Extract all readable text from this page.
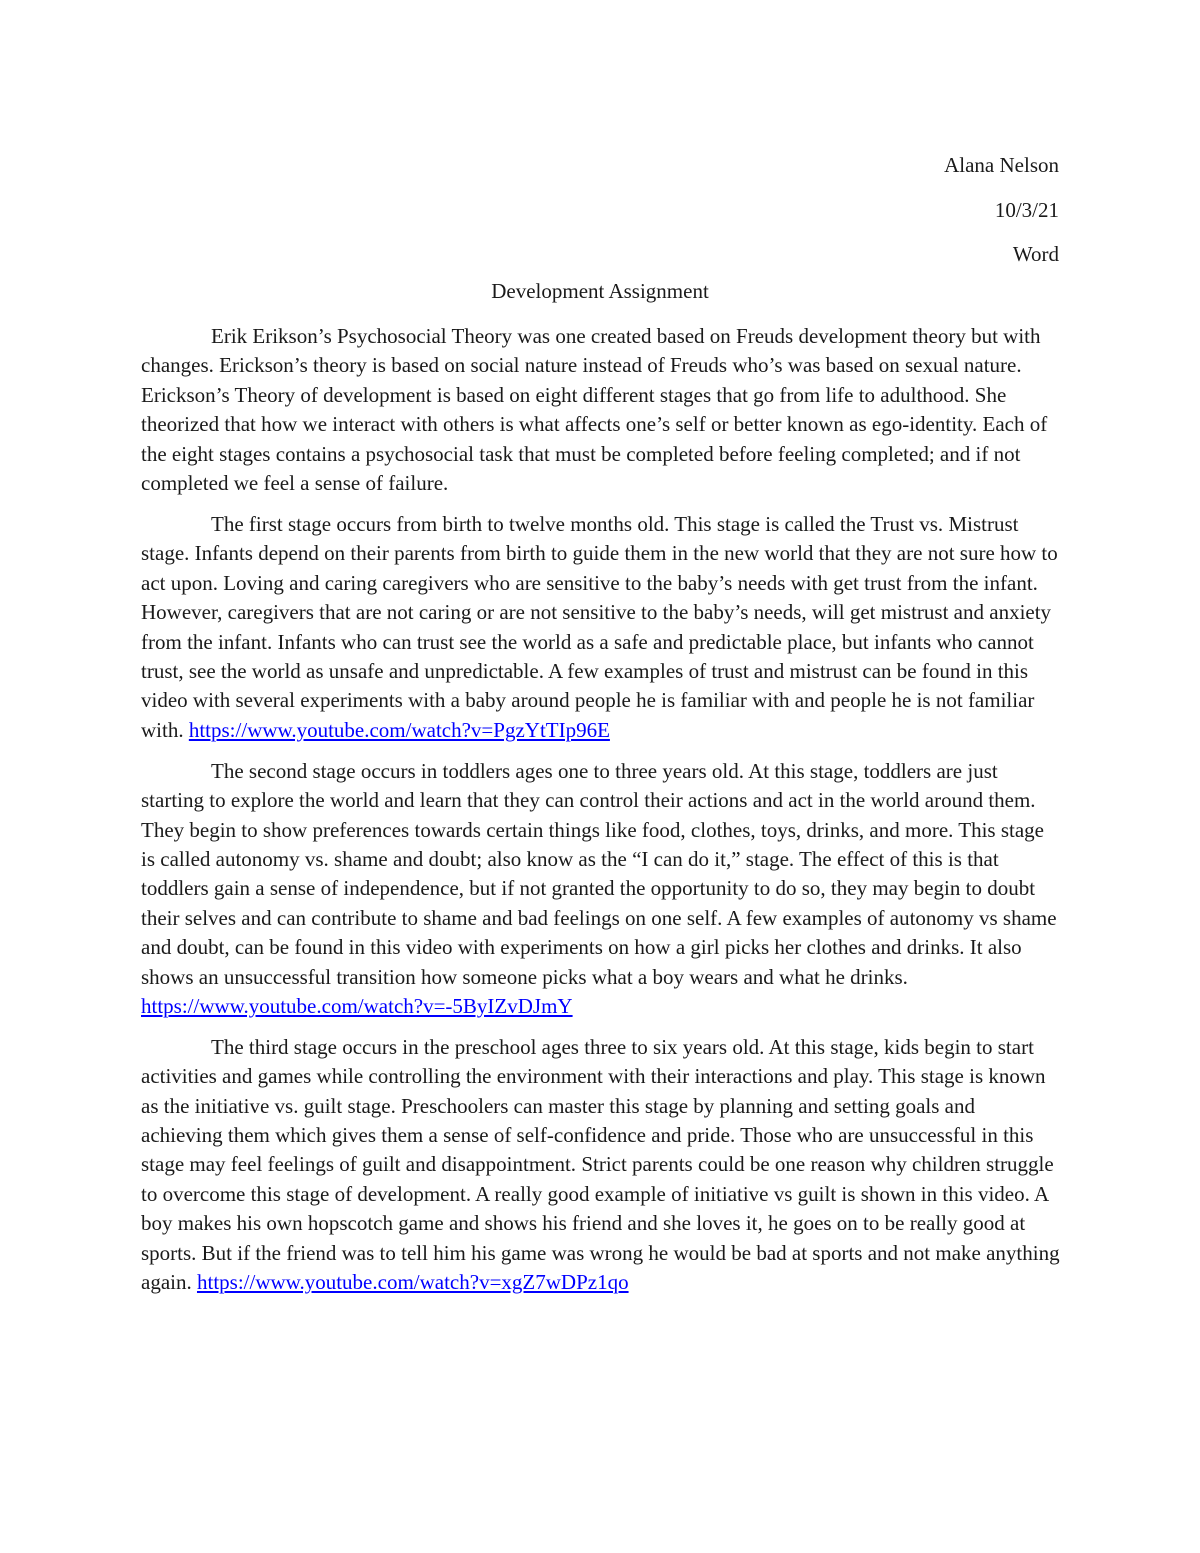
Alana Nelson
10/3/21
Word
Development Assignment

Erik Erikson’s Psychosocial Theory was one created based on Freuds development theory but with changes. Erickson’s theory is based on social nature instead of Freuds who’s was based on sexual nature. Erickson’s Theory of development is based on eight different stages that go from life to adulthood. She theorized that how we interact with others is what affects one’s self or better known as ego-identity. Each of the eight stages contains a psychosocial task that must be completed before feeling completed; and if not completed we feel a sense of failure.

The first stage occurs from birth to twelve months old. This stage is called the Trust vs. Mistrust stage. Infants depend on their parents from birth to guide them in the new world that they are not sure how to act upon. Loving and caring caregivers who are sensitive to the baby’s needs with get trust from the infant. However, caregivers that are not caring or are not sensitive to the baby’s needs, will get mistrust and anxiety from the infant. Infants who can trust see the world as a safe and predictable place, but infants who cannot trust, see the world as unsafe and unpredictable. A few examples of trust and mistrust can be found in this video with several experiments with a baby around people he is familiar with and people he is not familiar with. https://www.youtube.com/watch?v=PgzYtTIp96E

The second stage occurs in toddlers ages one to three years old. At this stage, toddlers are just starting to explore the world and learn that they can control their actions and act in the world around them. They begin to show preferences towards certain things like food, clothes, toys, drinks, and more. This stage is called autonomy vs. shame and doubt; also know as the “I can do it,” stage. The effect of this is that toddlers gain a sense of independence, but if not granted the opportunity to do so, they may begin to doubt their selves and can contribute to shame and bad feelings on one self. A few examples of autonomy vs shame and doubt, can be found in this video with experiments on how a girl picks her clothes and drinks. It also shows an unsuccessful transition how someone picks what a boy wears and what he drinks. https://www.youtube.com/watch?v=-5ByIZvDJmY

The third stage occurs in the preschool ages three to six years old. At this stage, kids begin to start activities and games while controlling the environment with their interactions and play. This stage is known as the initiative vs. guilt stage. Preschoolers can master this stage by planning and setting goals and achieving them which gives them a sense of self-confidence and pride. Those who are unsuccessful in this stage may feel feelings of guilt and disappointment. Strict parents could be one reason why children struggle to overcome this stage of development. A really good example of initiative vs guilt is shown in this video. A boy makes his own hopscotch game and shows his friend and she loves it, he goes on to be really good at sports. But if the friend was to tell him his game was wrong he would be bad at sports and not make anything again. https://www.youtube.com/watch?v=xgZ7wDPz1qo
